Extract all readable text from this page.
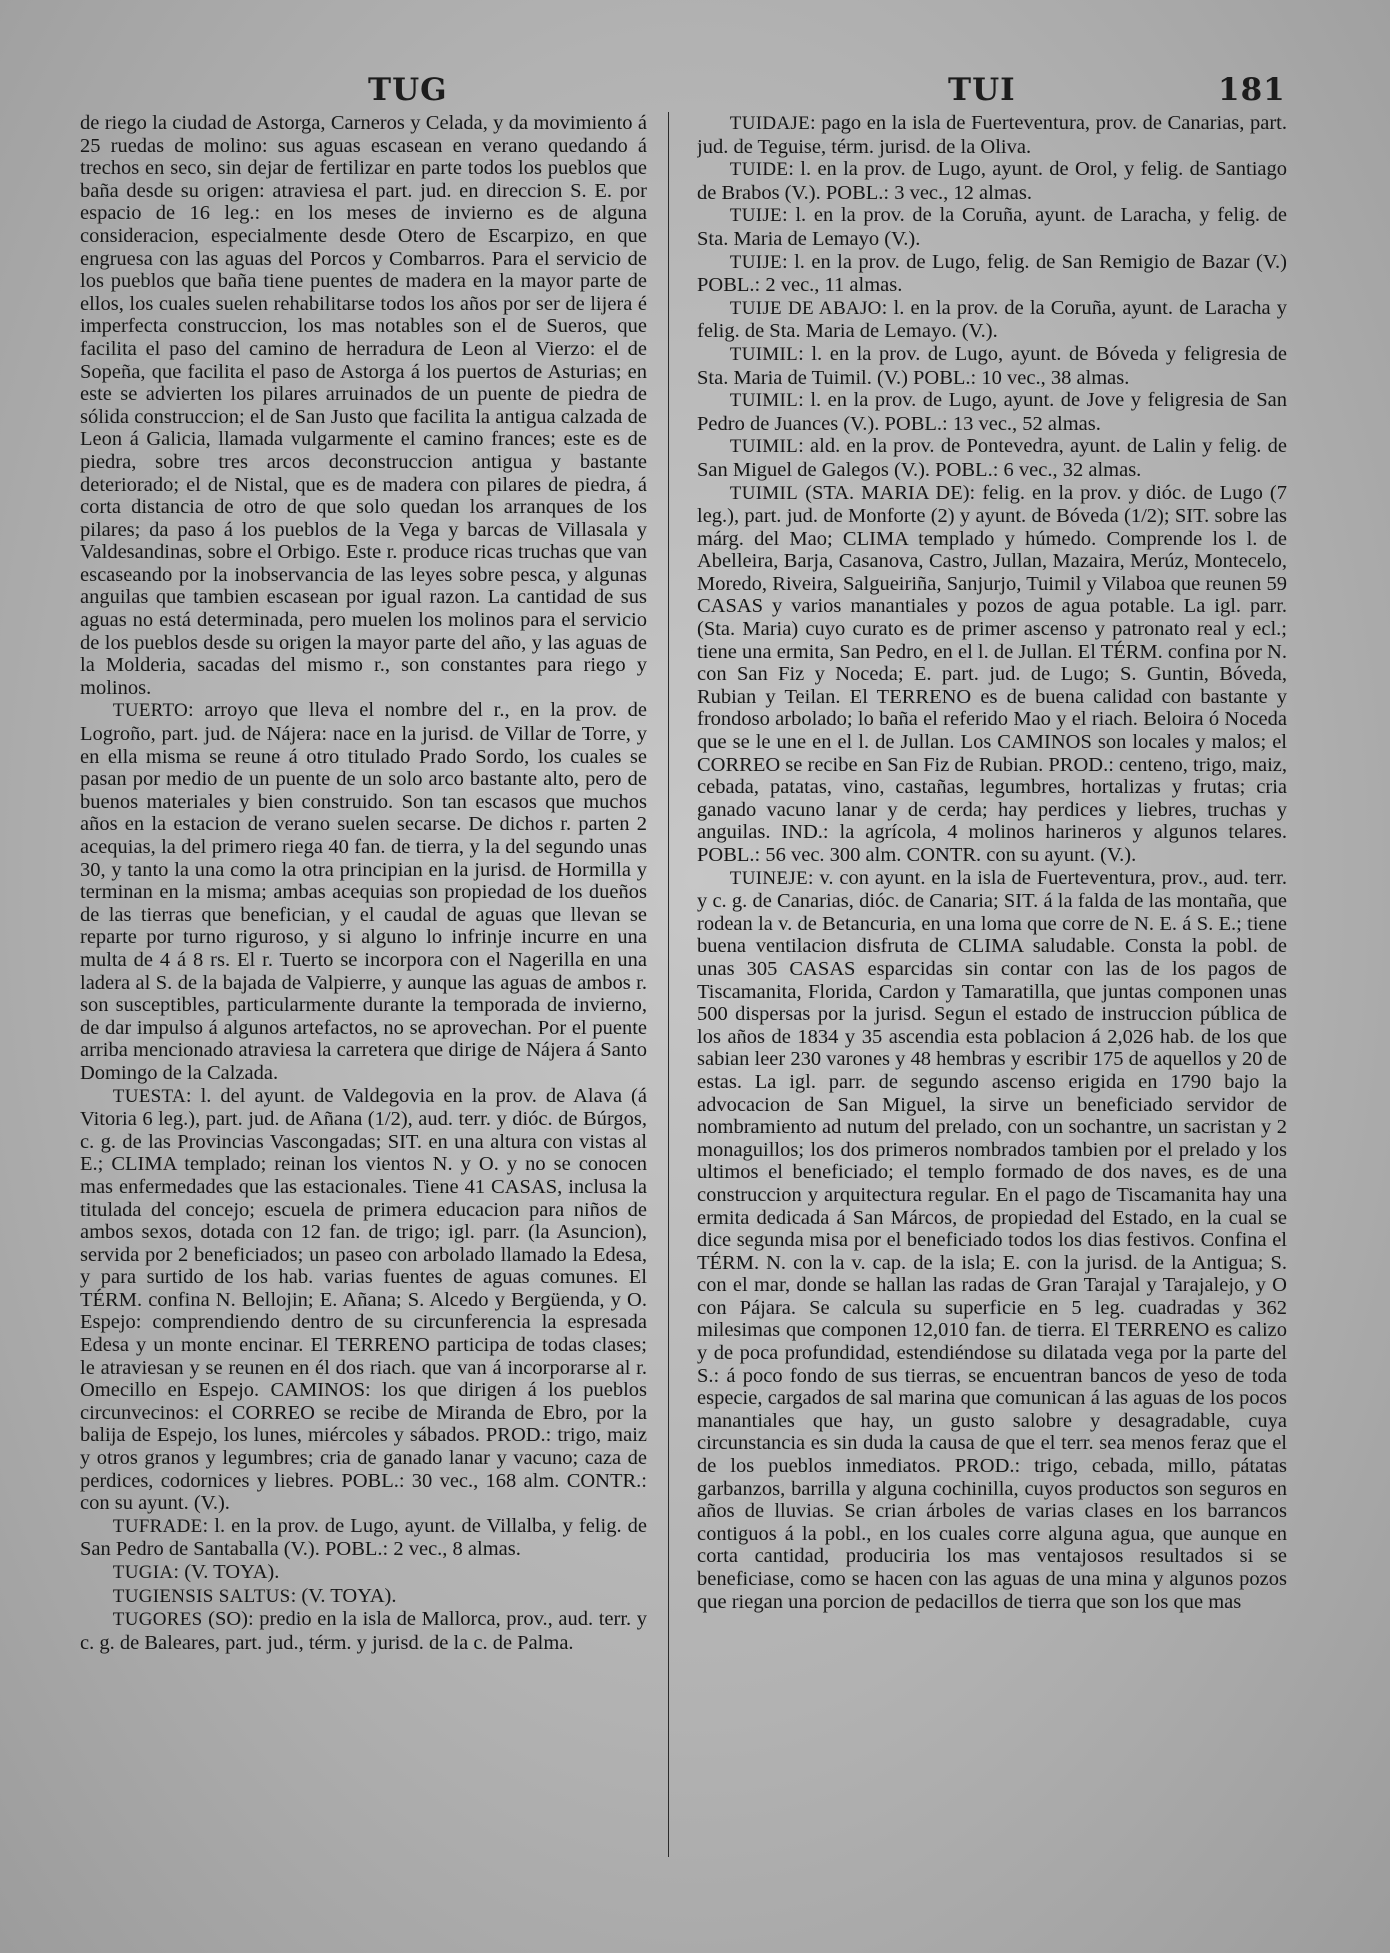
TUG	TUI	181

de riego la ciudad de Astorga, Carneros y Celada, y da movimiento á 25 ruedas de molino: sus aguas escasean en verano quedando á trechos en seco, sin dejar de fertilizar en parte todos los pueblos que baña desde su origen: atraviesa el part. jud. en direccion S. E. por espacio de 16 leg.: en los meses de invierno es de alguna consideracion, especialmente desde Otero de Escarpizo, en que engruesa con las aguas del Porcos y Combarros. Para el servicio de los pueblos que baña tiene puentes de madera en la mayor parte de ellos, los cuales suelen rehabilitarse todos los años por ser de lijera é imperfecta construccion, los mas notables son el de Sueros, que facilita el paso del camino de herradura de Leon al Vierzo: el de Sopeña, que facilita el paso de Astorga á los puertos de Asturias; en este se advierten los pilares arruinados de un puente de piedra de sólida construccion; el de San Justo que facilita la antigua calzada de Leon á Galicia, llamada vulgarmente el camino frances; este es de piedra, sobre tres arcos deconstruccion antigua y bastante deteriorado; el de Nistal, que es de madera con pilares de piedra, á corta distancia de otro de que solo quedan los arranques de los pilares; da paso á los pueblos de la Vega y barcas de Villasala y Valdesandinas, sobre el Orbigo. Este r. produce ricas truchas que van escaseando por la inobservancia de las leyes sobre pesca, y algunas anguilas que tambien escasean por igual razon. La cantidad de sus aguas no está determinada, pero muelen los molinos para el servicio de los pueblos desde su origen la mayor parte del año, y las aguas de la Molderia, sacadas del mismo r., son constantes para riego y molinos.

TUERTO: arroyo que lleva el nombre del r., en la prov. de Logroño, part. jud. de Nájera: nace en la jurisd. de Villar de Torre, y en ella misma se reune á otro titulado Prado Sordo, los cuales se pasan por medio de un puente de un solo arco bastante alto, pero de buenos materiales y bien construido. Son tan escasos que muchos años en la estacion de verano suelen secarse. De dichos r. parten 2 acequias, la del primero riega 40 fan. de tierra, y la del segundo unas 30, y tanto la una como la otra principian en la jurisd. de Hormilla y terminan en la misma; ambas acequias son propiedad de los dueños de las tierras que benefician, y el caudal de aguas que llevan se reparte por turno riguroso, y si alguno lo infrinje incurre en una multa de 4 á 8 rs. El r. Tuerto se incorpora con el Nagerilla en una ladera al S. de la bajada de Valpierre, y aunque las aguas de ambos r. son susceptibles, particularmente durante la temporada de invierno, de dar impulso á algunos artefactos, no se aprovechan. Por el puente arriba mencionado atraviesa la carretera que dirige de Nájera á Santo Domingo de la Calzada.

TUESTA: l. del ayunt. de Valdegovia en la prov. de Alava (á Vitoria 6 leg.), part. jud. de Añana (1/2), aud. terr. y dióc. de Búrgos, c. g. de las Provincias Vascongadas; SIT. en una altura con vistas al E.; CLIMA templado; reinan los vientos N. y O. y no se conocen mas enfermedades que las estacionales. Tiene 41 CASAS, inclusa la titulada del concejo; escuela de primera educacion para niños de ambos sexos, dotada con 12 fan. de trigo; igl. parr. (la Asuncion), servida por 2 beneficiados; un paseo con arbolado llamado la Edesa, y para surtido de los hab. varias fuentes de aguas comunes. El TÉRM. confina N. Bellojin; E. Añana; S. Alcedo y Bergüenda, y O. Espejo: comprendiendo dentro de su circunferencia la espresada Edesa y un monte encinar. El TERRENO participa de todas clases; le atraviesan y se reunen en él dos riach. que van á incorporarse al r. Omecillo en Espejo. CAMINOS: los que dirigen á los pueblos circunvecinos: el CORREO se recibe de Miranda de Ebro, por la balija de Espejo, los lunes, miércoles y sábados. PROD.: trigo, maiz y otros granos y legumbres; cria de ganado lanar y vacuno; caza de perdices, codornices y liebres. POBL.: 30 vec., 168 alm. CONTR.: con su ayunt. (V.).

TUFRADE: l. en la prov. de Lugo, ayunt. de Villalba, y felig. de San Pedro de Santaballa (V.). POBL.: 2 vec., 8 almas.

TUGIA: (V. TOYA).

TUGIENSIS SALTUS: (V. TOYA).

TUGORES (SO): predio en la isla de Mallorca, prov., aud. terr. y c. g. de Baleares, part. jud., térm. y jurisd. de la c. de Palma.

TUIDAJE: pago en la isla de Fuerteventura, prov. de Canarias, part. jud. de Teguise, térm. jurisd. de la Oliva.

TUIDE: l. en la prov. de Lugo, ayunt. de Orol, y felig. de Santiago de Brabos (V.). POBL.: 3 vec., 12 almas.

TUIJE: l. en la prov. de la Coruña, ayunt. de Laracha, y felig. de Sta. Maria de Lemayo (V.).

TUIJE: l. en la prov. de Lugo, felig. de San Remigio de Bazar (V.) POBL.: 2 vec., 11 almas.

TUIJE DE ABAJO: l. en la prov. de la Coruña, ayunt. de Laracha y felig. de Sta. Maria de Lemayo. (V.).

TUIMIL: l. en la prov. de Lugo, ayunt. de Bóveda y feligresia de Sta. Maria de Tuimil. (V.) POBL.: 10 vec., 38 almas.

TUIMIL: l. en la prov. de Lugo, ayunt. de Jove y feligresia de San Pedro de Juances (V.). POBL.: 13 vec., 52 almas.

TUIMIL: ald. en la prov. de Pontevedra, ayunt. de Lalin y felig. de San Miguel de Galegos (V.). POBL.: 6 vec., 32 almas.

TUIMIL (STA. MARIA DE): felig. en la prov. y dióc. de Lugo (7 leg.), part. jud. de Monforte (2) y ayunt. de Bóveda (1/2); SIT. sobre las márg. del Mao; CLIMA templado y húmedo. Comprende los l. de Abelleira, Barja, Casanova, Castro, Jullan, Mazaira, Merúz, Montecelo, Moredo, Riveira, Salgueiriña, Sanjurjo, Tuimil y Vilaboa que reunen 59 CASAS y varios manantiales y pozos de agua potable. La igl. parr. (Sta. Maria) cuyo curato es de primer ascenso y patronato real y ecl.; tiene una ermita, San Pedro, en el l. de Jullan. El TÉRM. confina por N. con San Fiz y Noceda; E. part. jud. de Lugo; S. Guntin, Bóveda, Rubian y Teilan. El TERRENO es de buena calidad con bastante y frondoso arbolado; lo baña el referido Mao y el riach. Beloira ó Noceda que se le une en el l. de Jullan. Los CAMINOS son locales y malos; el CORREO se recibe en San Fiz de Rubian. PROD.: centeno, trigo, maiz, cebada, patatas, vino, castañas, legumbres, hortalizas y frutas; cria ganado vacuno lanar y de cerda; hay perdices y liebres, truchas y anguilas. IND.: la agrícola, 4 molinos harineros y algunos telares. POBL.: 56 vec. 300 alm. CONTR. con su ayunt. (V.).

TUINEJE: v. con ayunt. en la isla de Fuerteventura, prov., aud. terr. y c. g. de Canarias, dióc. de Canaria; SIT. á la falda de las montaña, que rodean la v. de Betancuria, en una loma que corre de N. E. á S. E.; tiene buena ventilacion disfruta de CLIMA saludable. Consta la pobl. de unas 305 CASAS esparcidas sin contar con las de los pagos de Tiscamanita, Florida, Cardon y Tamaratilla, que juntas componen unas 500 dispersas por la jurisd. Segun el estado de instruccion pública de los años de 1834 y 35 ascendia esta poblacion á 2,026 hab. de los que sabian leer 230 varones y 48 hembras y escribir 175 de aquellos y 20 de estas. La igl. parr. de segundo ascenso erigida en 1790 bajo la advocacion de San Miguel, la sirve un beneficiado servidor de nombramiento ad nutum del prelado, con un sochantre, un sacristan y 2 monaguillos; los dos primeros nombrados tambien por el prelado y los ultimos el beneficiado; el templo formado de dos naves, es de una construccion y arquitectura regular. En el pago de Tiscamanita hay una ermita dedicada á San Márcos, de propiedad del Estado, en la cual se dice segunda misa por el beneficiado todos los dias festivos. Confina el TÉRM. N. con la v. cap. de la isla; E. con la jurisd. de la Antigua; S. con el mar, donde se hallan las radas de Gran Tarajal y Tarajalejo, y O con Pájara. Se calcula su superficie en 5 leg. cuadradas y 362 milesimas que componen 12,010 fan. de tierra. El TERRENO es calizo y de poca profundidad, estendiéndose su dilatada vega por la parte del S.: á poco fondo de sus tierras, se encuentran bancos de yeso de toda especie, cargados de sal marina que comunican á las aguas de los pocos manantiales que hay, un gusto salobre y desagradable, cuya circunstancia es sin duda la causa de que el terr. sea menos feraz que el de los pueblos inmediatos. PROD.: trigo, cebada, millo, pátatas garbanzos, barrilla y alguna cochinilla, cuyos productos son seguros en años de lluvias. Se crian árboles de varias clases en los barrancos contiguos á la pobl., en los cuales corre alguna agua, que aunque en corta cantidad, produciria los mas ventajosos resultados si se beneficiase, como se hacen con las aguas de una mina y algunos pozos que riegan una porcion de pedacillos de tierra que son los que mas
